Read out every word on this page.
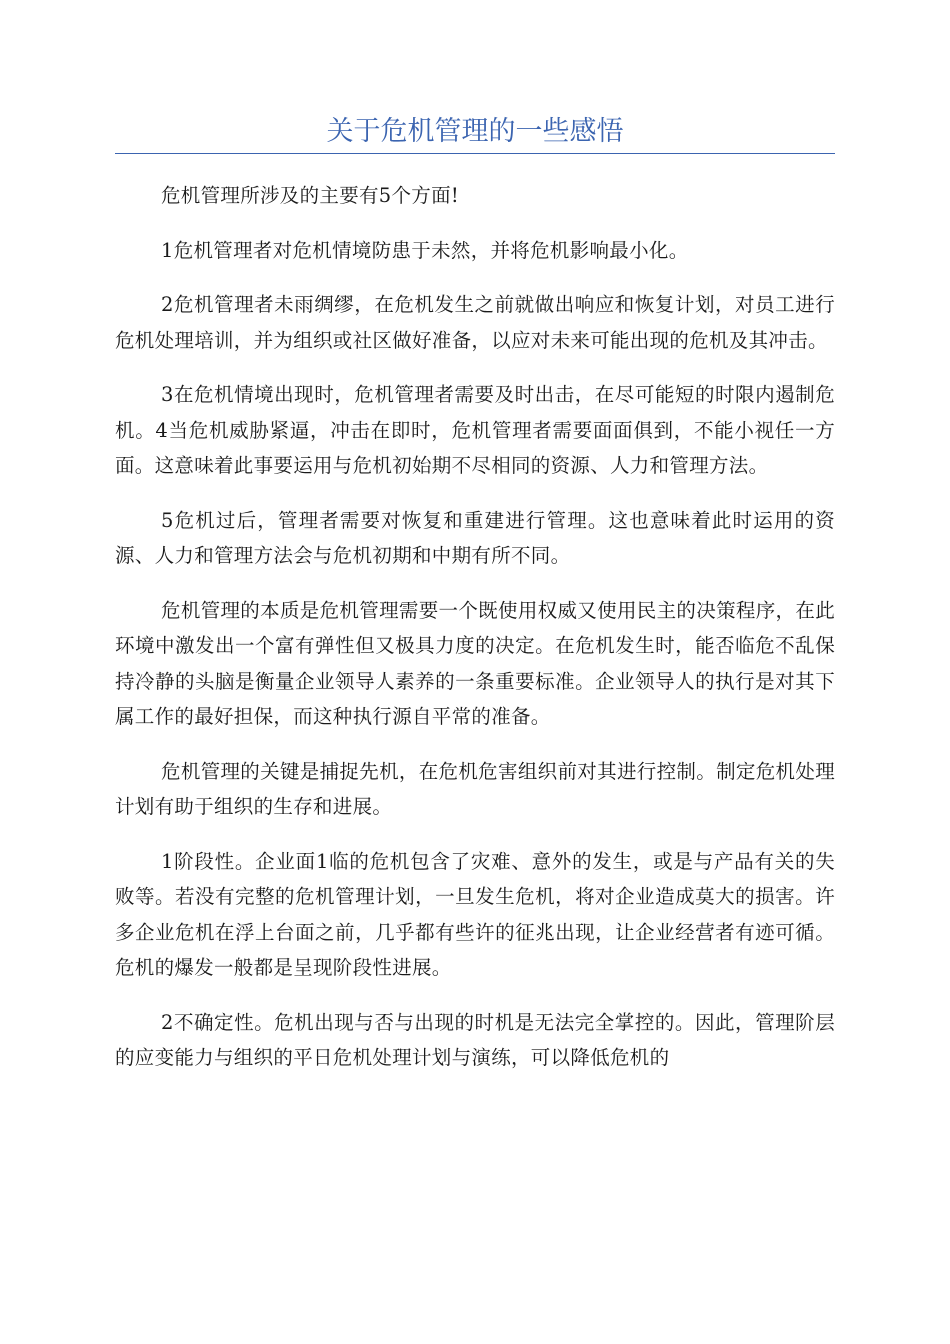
关于危机管理的一些感悟

危机管理所涉及的主要有5个方面!

1危机管理者对危机情境防患于未然，并将危机影响最小化。

2危机管理者未雨绸缪，在危机发生之前就做出响应和恢复计划，对员工进行危机处理培训，并为组织或社区做好准备，以应对未来可能出现的危机及其冲击。

3在危机情境出现时，危机管理者需要及时出击，在尽可能短的时限内遏制危机。4当危机威胁紧逼，冲击在即时，危机管理者需要面面俱到，不能小视任一方面。这意味着此事要运用与危机初始期不尽相同的资源、人力和管理方法。

5危机过后，管理者需要对恢复和重建进行管理。这也意味着此时运用的资源、人力和管理方法会与危机初期和中期有所不同。

危机管理的本质是危机管理需要一个既使用权威又使用民主的决策程序，在此环境中激发出一个富有弹性但又极具力度的决定。在危机发生时，能否临危不乱保持冷静的头脑是衡量企业领导人素养的一条重要标准。企业领导人的执行是对其下属工作的最好担保，而这种执行源自平常的准备。

危机管理的关键是捕捉先机，在危机危害组织前对其进行控制。制定危机处理计划有助于组织的生存和进展。

1阶段性。企业面1临的危机包含了灾难、意外的发生，或是与产品有关的失败等。若没有完整的危机管理计划，一旦发生危机，将对企业造成莫大的损害。许多企业危机在浮上台面之前，几乎都有些许的征兆出现，让企业经营者有迹可循。危机的爆发一般都是呈现阶段性进展。

2不确定性。危机出现与否与出现的时机是无法完全掌控的。因此，管理阶层的应变能力与组织的平日危机处理计划与演练，可以降低危机的
